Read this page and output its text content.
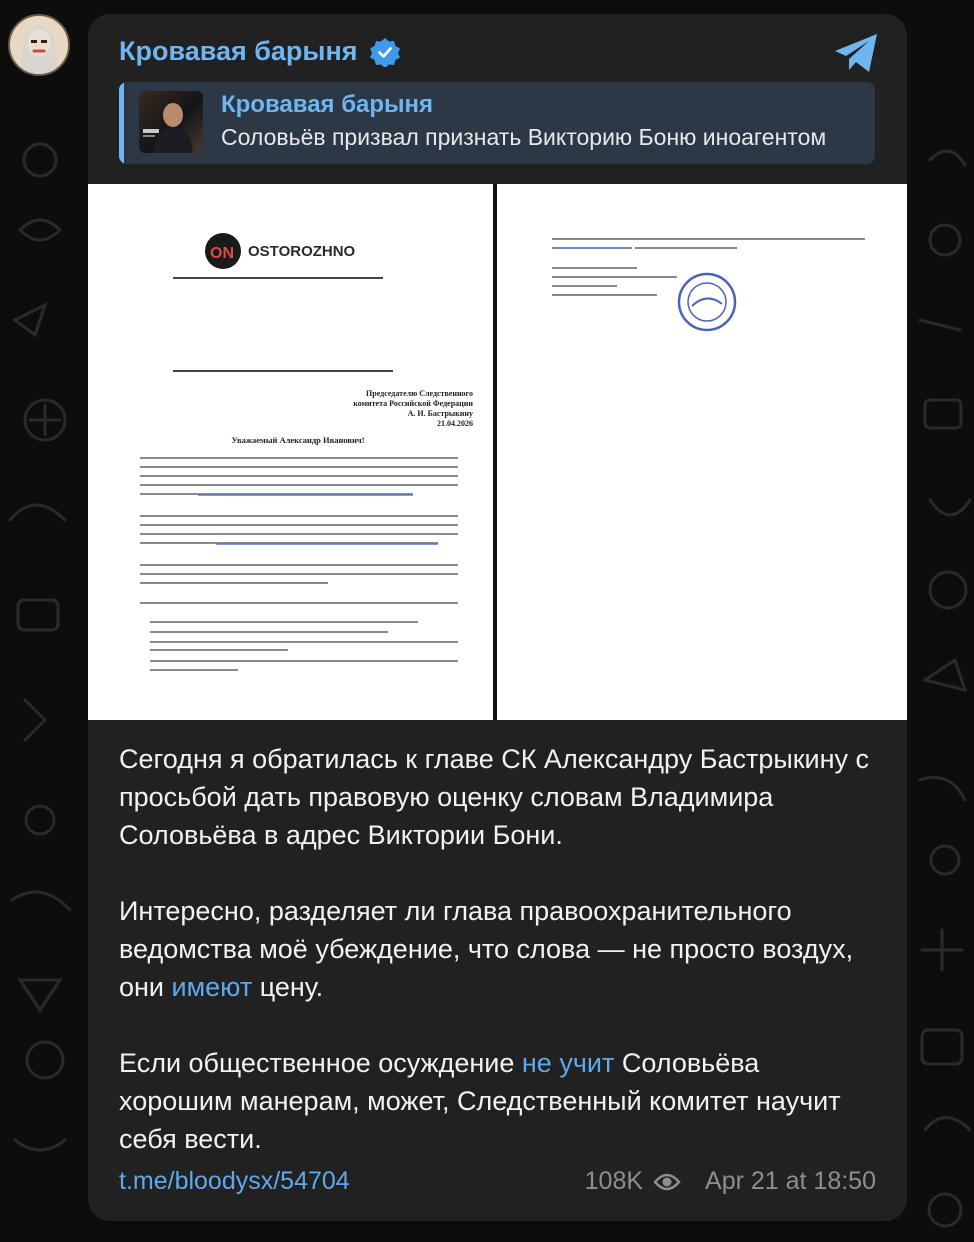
Кровавая барыня
Кровавая барыня
Соловьёв призвал признать Викторию Боню иноагентом
ON OSTOROZHNO
Председателю Следственного
комитета Российской Федерации
А. И. Бастрыкину
21.04.2026
Уважаемый Александр Иванович!

Сегодня я обратилась к главе СК Александру Бастрыкину с просьбой дать правовую оценку словам Владимира Соловьёва в адрес Виктории Бони.

Интересно, разделяет ли глава правоохранительного ведомства моё убеждение, что слова — не просто воздух, они имеют цену.

Если общественное осуждение не учит Соловьёва хорошим манерам, может, Следственный комитет научит себя вести.

t.me/bloodysx/54704	108K Apr 21 at 18:50
